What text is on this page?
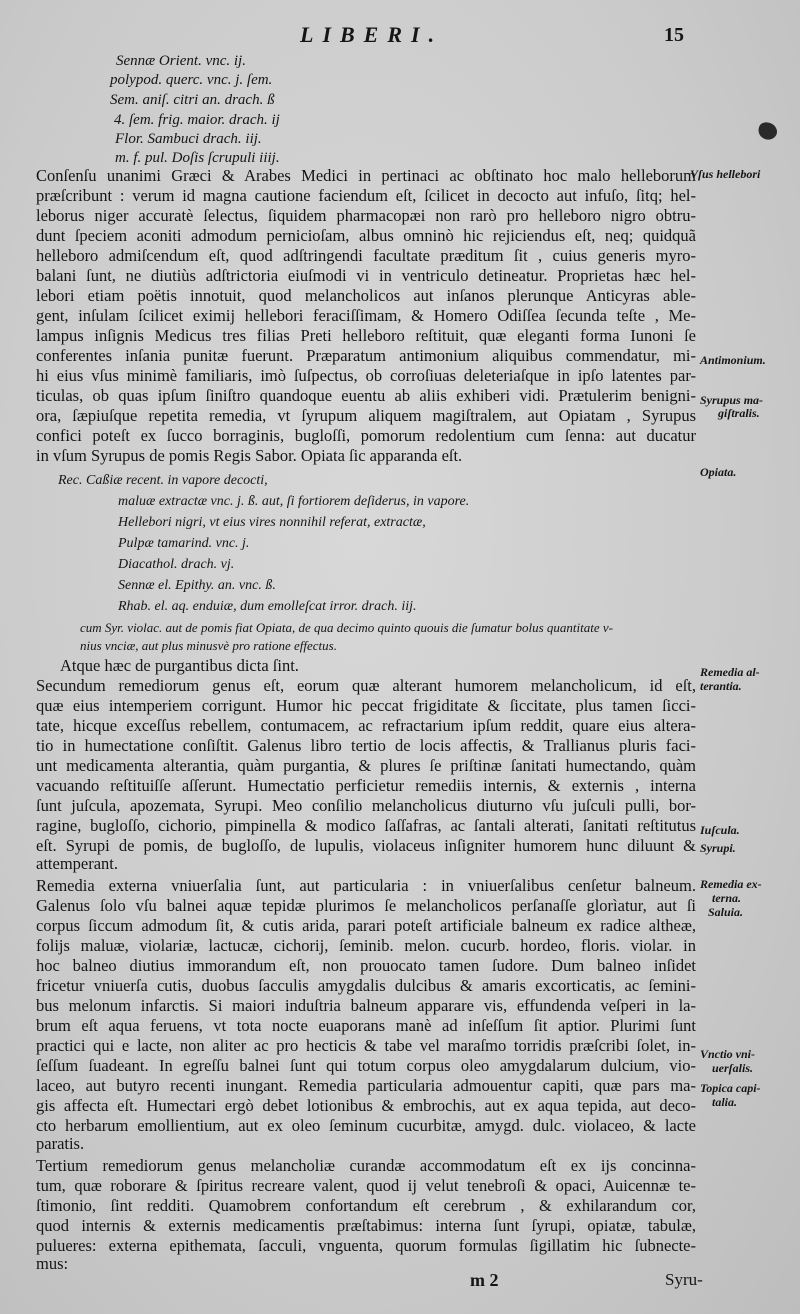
LIBERI.	15
Sennæ Orient. vnc. ij.
polypod. querc. vnc. j. ſem.
Sem. aniſ. citri an. drach. ß
4. ſem. frig. maior. drach. ij
Flor. Sambuci drach. iij.
m. f. pul. Doſis ſcrupuli iiij.
Conſenſu unanimi Græci & Arabes Medici in pertinaci ac obſtinato hoc malo helleborum
præſcribunt : verum id magna cautione faciendum eſt, ſcilicet in decocto aut infuſo, ſitq; hel-
leborus niger accuratè ſelectus, ſiquidem pharmacopæi non rarò pro helleboro nigro obtru-
dunt ſpeciem aconiti admodum pernicioſam, albus omninò hic rejiciendus eſt, neq; quidquã
helleboro admiſcendum eſt, quod adſtringendi facultate præditum ſit , cuius generis myro-
balani ſunt, ne diutiùs adſtrictoria eiuſmodi vi in ventriculo detineatur. Proprietas hæc hel-
lebori etiam poëtis innotuit, quod melancholicos aut inſanos plerunque Anticyras able-
gent, inſulam ſcilicet eximij hellebori feraciſſimam, & Homero Odiſſea ſecunda teſte , Me-
lampus inſignis Medicus tres filias Preti helleboro reſtituit, quæ eleganti forma Iunoni ſe
conferentes inſania punitæ fuerunt. Præparatum antimonium aliquibus commendatur, mi-
hi eius vſus minimè familiaris, imò ſuſpectus, ob corroſiuas deleteriaſque in ipſo latentes par-
ticulas, ob quas ipſum ſiniſtro quandoque euentu ab aliis exhiberi vidi. Prætulerim benigni-
ora, ſæpiuſque repetita remedia, vt ſyrupum aliquem magiſtralem, aut Opiatam , Syrupus
confici poteſt ex ſucco borraginis, bugloſſi, pomorum redolentium cum ſenna: aut ducatur
in vſum Syrupus de pomis Regis Sabor. Opiata ſic apparanda eſt.
Rec. Caßiæ recent. in vapore decocti,
maluæ extractæ vnc. j. ß. aut, ſi fortiorem deſiderus, in vapore.
Hellebori nigri, vt eius vires nonnihil referat, extractæ,
Pulpæ tamarind. vnc. j.
Diacathol. drach. vj.
Sennæ el. Epithy. an. vnc. ß.
Rhab. el. aq. enduiæ, dum emolleſcat irror. drach. iij.
cum Syr. violac. aut de pomis fiat Opiata, de qua decimo quinto quouis die ſumatur bolus quantitate v-
nius vnciæ, aut plus minusvè pro ratione effectus.
Atque hæc de purgantibus dicta ſint.
Secundum remediorum genus eſt, eorum quæ alterant humorem melancholicum, id eſt,
quæ eius intemperiem corrigunt. Humor hic peccat frigiditate & ſiccitate, plus tamen ſicci-
tate, hicque exceſſus rebellem, contumacem, ac refractarium ipſum reddit, quare eius altera-
tio in humectatione conſiſtit. Galenus libro tertio de locis affectis, & Trallianus pluris faci-
unt medicamenta alterantia, quàm purgantia, & plures ſe priſtinæ ſanitati humectando, quàm
vacuando reſtituiſſe aſſerunt. Humectatio perficietur remediis internis, & externis , interna
ſunt juſcula, apozemata, Syrupi. Meo conſilio melancholicus diuturno vſu juſculi pulli, bor-
ragine, bugloſſo, cichorio, pimpinella & modico ſaſſafras, ac ſantali alterati, ſanitati reſtitutus
eſt. Syrupi de pomis, de bugloſſo, de lupulis, violaceus inſigniter humorem hunc diluunt &
attemperant.
Remedia externa vniuerſalia ſunt, aut particularia : in vniuerſalibus cenſetur balneum.
Galenus ſolo vſu balnei aquæ tepidæ plurimos ſe melancholicos perſanaſſe glorìatur, aut ſi
corpus ſiccum admodum ſit, & cutis arida, parari poteſt artificiale balneum ex radice altheæ,
folijs maluæ, violariæ, lactucæ, cichorij, ſeminib. melon. cucurb. hordeo, floris. violar. in
hoc balneo diutius immorandum eſt, non prouocato tamen ſudore. Dum balneo inſidet
fricetur vniuerſa cutis, duobus ſacculis amygdalis dulcibus & amaris excorticatis, ac ſemini-
bus melonum infarctis. Si maiori induſtria balneum apparare vis, effundenda veſperi in la-
brum eſt aqua feruens, vt tota nocte euaporans manè ad inſeſſum ſit aptior. Plurimi ſunt
practici qui e lacte, non aliter ac pro hecticis & tabe vel maraſmo torridis præſcribi ſolet, in-
ſeſſum ſuadeant. In egreſſu balnei ſunt qui totum corpus oleo amygdalarum dulcium, vio-
laceo, aut butyro recenti inungant. Remedia particularia admouentur capiti, quæ pars ma-
gis affecta eſt. Humectari ergò debet lotionibus & embrochis, aut ex aqua tepida, aut deco-
cto herbarum emollientium, aut ex oleo ſeminum cucurbitæ, amygd. dulc. violaceo, & lacte
paratis.
Tertium remediorum genus melancholiæ curandæ accommodatum eſt ex ijs concinna-
tum, quæ roborare & ſpiritus recreare valent, quod ij velut tenebroſi & opaci, Auicennæ te-
ſtimonio, ſint redditi. Quamobrem confortandum eſt cerebrum , & exhilarandum cor,
quod internis & externis medicamentis præſtabimus: interna ſunt ſyrupi, opiatæ, tabulæ,
pulueres: externa epithemata, ſacculi, vnguenta, quorum formulas ſigillatim hic ſubnecte-
mus:
Vſus hellebori
Antimonium.
Syrupus ma-
giſtralis.
Opiata.
Remedia al-
terantia.
Iuſcula.
Syrupi.
Remedia ex-
terna.
Saluia.
Vnctio vni-
uerſalis.
Topica capi-
talia.
m 2	Syru-
